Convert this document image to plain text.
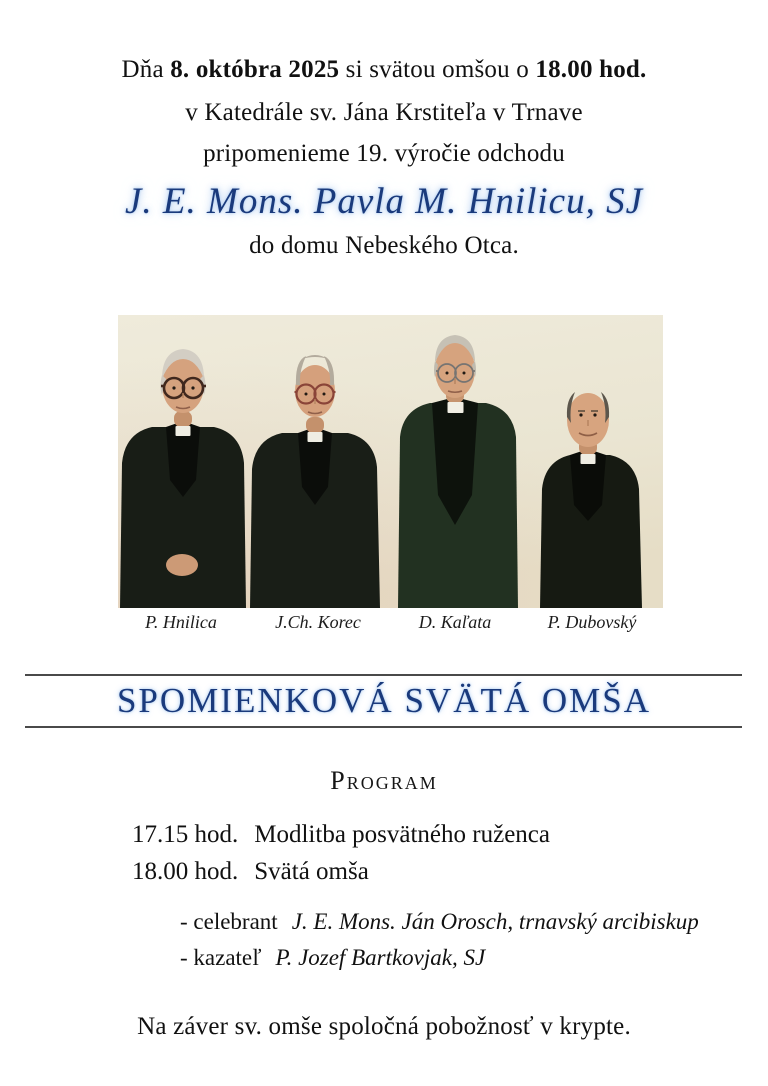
Dňa 8. októbra 2025 si svätou omšou o 18.00 hod.
v Katedrále sv. Jána Krstiteľa v Trnave
pripomenieme 19. výročie odchodu
J. E. Mons. Pavla M. Hnilicu, SJ
do domu Nebeského Otca.
P. Hnilica	J.Ch. Korec	D. Kaľata	P. Dubovský
SPOMIENKOVÁ SVÄTÁ OMŠA
Program
17.15 hod. Modlitba posvätného ruženca
18.00 hod. Svätá omša
- celebrant J. E. Mons. Ján Orosch, trnavský arcibiskup
- kazateľ P. Jozef Bartkovjak, SJ
Na záver sv. omše spoločná pobožnosť v krypte.
